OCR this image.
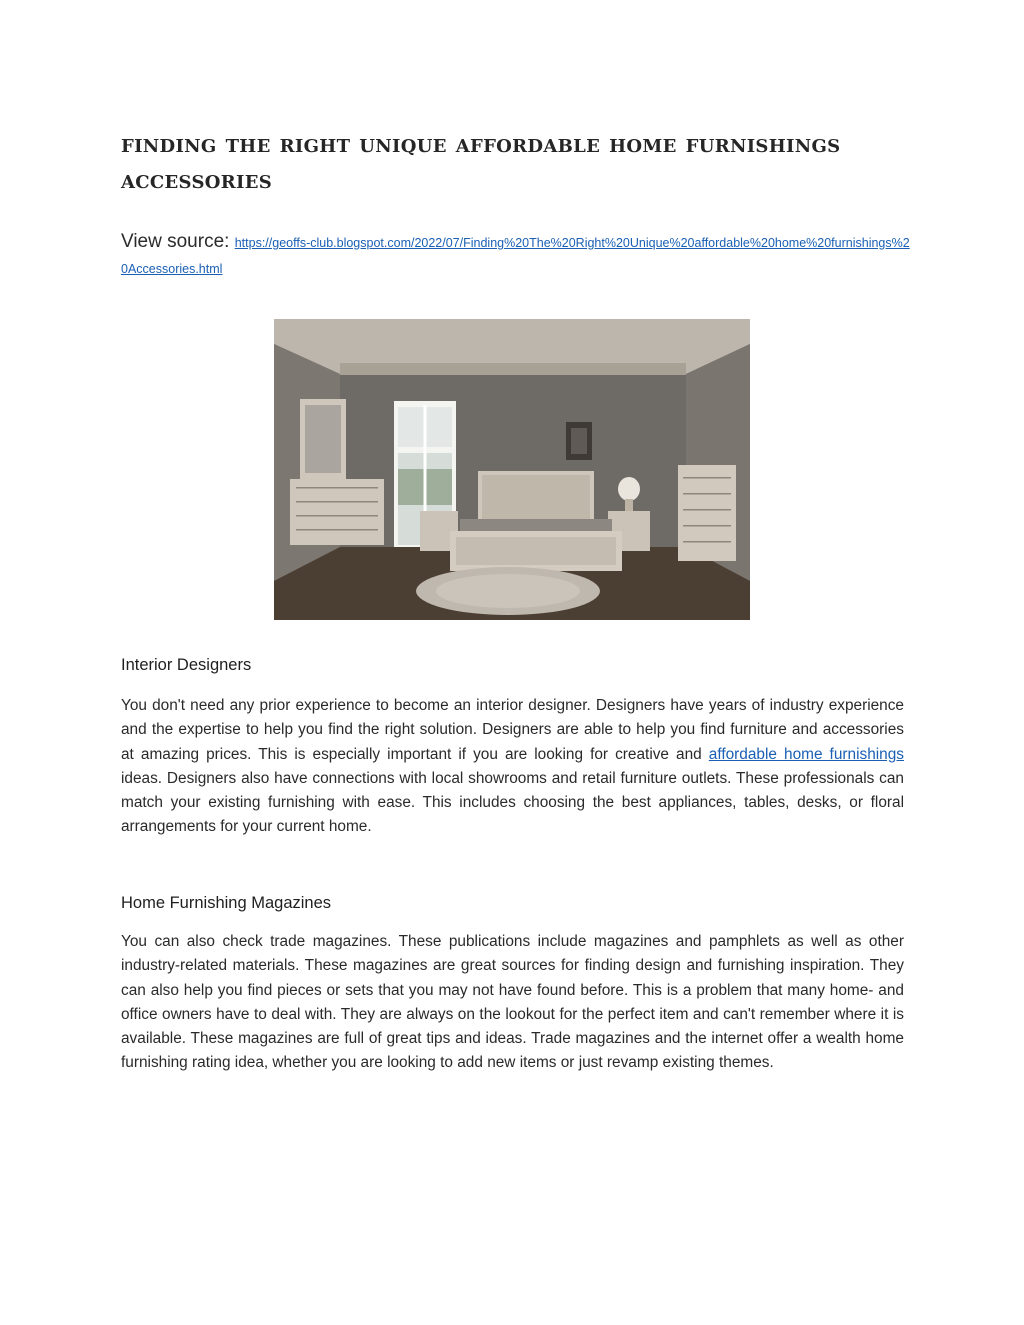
finding the right unique affordable home furnishings accessories
View source: https://geoffs-club.blogspot.com/2022/07/Finding%20The%20Right%20Unique%20affordable%20home%20furnishings%20Accessories.html
Interior Designers

You don't need any prior experience to become an interior designer. Designers have years of industry experience and the expertise to help you find the right solution. Designers are able to help you find furniture and accessories at amazing prices. This is especially important if you are looking for creative and affordable home furnishings ideas. Designers also have connections with local showrooms and retail furniture outlets. These professionals can match your existing furnishing with ease. This includes choosing the best appliances, tables, desks, or floral arrangements for your current home.

Home Furnishing Magazines

You can also check trade magazines. These publications include magazines and pamphlets as well as other industry-related materials. These magazines are great sources for finding design and furnishing inspiration. They can also help you find pieces or sets that you may not have found before. This is a problem that many home- and office owners have to deal with. They are always on the lookout for the perfect item and can't remember where it is available. These magazines are full of great tips and ideas. Trade magazines and the internet offer a wealth home furnishing rating idea, whether you are looking to add new items or just revamp existing themes.
